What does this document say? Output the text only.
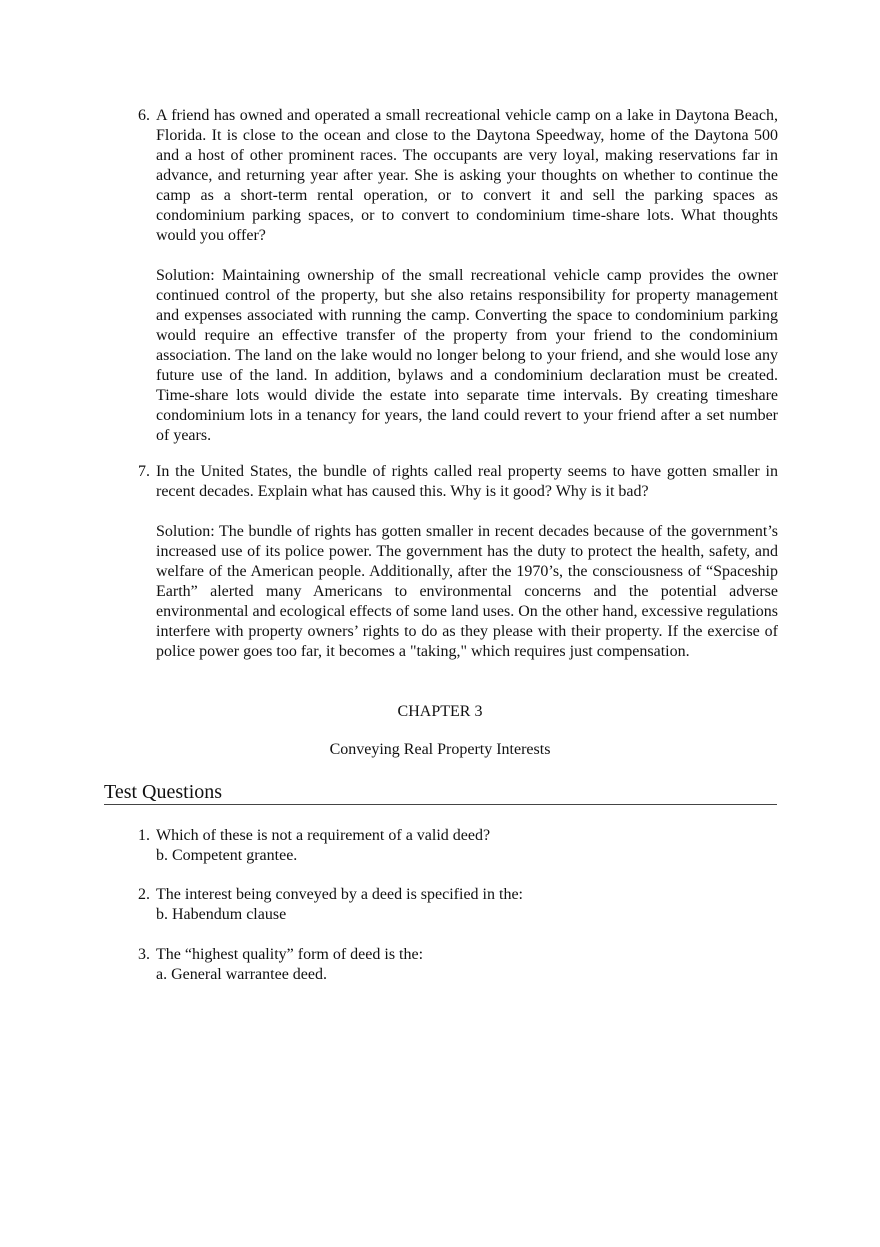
6. A friend has owned and operated a small recreational vehicle camp on a lake in Daytona Beach, Florida. It is close to the ocean and close to the Daytona Speedway, home of the Daytona 500 and a host of other prominent races. The occupants are very loyal, making reservations far in advance, and returning year after year. She is asking your thoughts on whether to continue the camp as a short-term rental operation, or to convert it and sell the parking spaces as condominium parking spaces, or to convert to condominium time-share lots. What thoughts would you offer?

Solution: Maintaining ownership of the small recreational vehicle camp provides the owner continued control of the property, but she also retains responsibility for property management and expenses associated with running the camp. Converting the space to condominium parking would require an effective transfer of the property from your friend to the condominium association. The land on the lake would no longer belong to your friend, and she would lose any future use of the land. In addition, bylaws and a condominium declaration must be created. Time-share lots would divide the estate into separate time intervals. By creating timeshare condominium lots in a tenancy for years, the land could revert to your friend after a set number of years.

7. In the United States, the bundle of rights called real property seems to have gotten smaller in recent decades. Explain what has caused this. Why is it good? Why is it bad?

Solution: The bundle of rights has gotten smaller in recent decades because of the government’s increased use of its police power. The government has the duty to protect the health, safety, and welfare of the American people. Additionally, after the 1970’s, the consciousness of “Spaceship Earth” alerted many Americans to environmental concerns and the potential adverse environmental and ecological effects of some land uses. On the other hand, excessive regulations interfere with property owners’ rights to do as they please with their property. If the exercise of police power goes too far, it becomes a "taking," which requires just compensation.

CHAPTER 3
Conveying Real Property Interests
Test Questions
1. Which of these is not a requirement of a valid deed?

b. Competent grantee.

2. The interest being conveyed by a deed is specified in the:

b. Habendum clause

3. The “highest quality” form of deed is the:

a. General warrantee deed.
